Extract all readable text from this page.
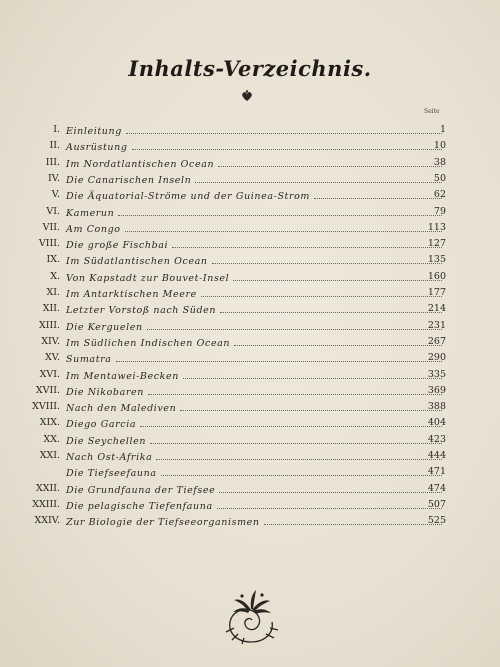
Inhalts-Verzeichnis.
Seite
I. Einleitung	1
II. Ausrüstung	10
III. Im Nordatlantischen Ocean	38
IV. Die Canarischen Inseln	50
V. Die Äquatorial-Ströme und der Guinea-Strom	62
VI. Kamerun	79
VII. Am Congo	113
VIII. Die große Fischbai	127
IX. Im Südatlantischen Ocean	135
X. Von Kapstadt zur Bouvet-Insel	160
XI. Im Antarktischen Meere	177
XII. Letzter Vorstoß nach Süden	214
XIII. Die Kerguelen	231
XIV. Im Südlichen Indischen Ocean	267
XV. Sumatra	290
XVI. Im Mentawei-Becken	335
XVII. Die Nikobaren	369
XVIII. Nach den Malediven	388
XIX. Diego Garcia	404
XX. Die Seychellen	423
XXI. Nach Ost-Afrika	444
Die Tiefseefauna	471
XXII. Die Grundfauna der Tiefsee	474
XXIII. Die pelagische Tiefenfauna	507
XXIV. Zur Biologie der Tiefseeorganismen	525
